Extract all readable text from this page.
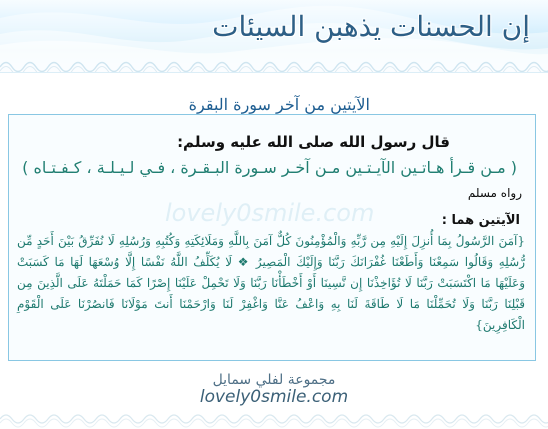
إن الحسنات يذهبن السيئات
الآيتين من آخر سورة البقرة
lovely0smile.com
قال رسول الله صلى الله عليه وسلم:
( مـن قـرأ هـاتـين الآيـتـين مـن آخـر سـورة البـقـرة ، فـي لـيـلـة ، كـفـتـاه )
رواه مسلم
الآيتين هما :
{آمَنَ الرَّسُولُ بِمَا أُنزِلَ إِلَيْهِ مِن رَّبِّهِ وَالْمُؤْمِنُونَ كُلٌّ آمَنَ بِاللَّهِ وَمَلَائِكَتِهِ وَكُتُبِهِ وَرُسُلِهِ لَا نُفَرِّقُ بَيْنَ أَحَدٍ مِّن رُّسُلِهِ وَقَالُوا سَمِعْنَا وَأَطَعْنَا غُفْرَانَكَ رَبَّنَا وَإِلَيْكَ الْمَصِيرُ ❖ لَا يُكَلِّفُ اللَّهُ نَفْسًا إِلَّا وُسْعَهَا لَهَا مَا كَسَبَتْ وَعَلَيْهَا مَا اكْتَسَبَتْ رَبَّنَا لَا تُؤَاخِذْنَا إِن نَّسِينَا أَوْ أَخْطَأْنَا رَبَّنَا وَلَا تَحْمِلْ عَلَيْنَا إِصْرًا كَمَا حَمَلْتَهُ عَلَى الَّذِينَ مِن قَبْلِنَا رَبَّنَا وَلَا تُحَمِّلْنَا مَا لَا طَاقَةَ لَنَا بِهِ وَاعْفُ عَنَّا وَاغْفِرْ لَنَا وَارْحَمْنَا أَنتَ مَوْلَانَا فَانصُرْنَا عَلَى الْقَوْمِ الْكَافِرِينَ}
مجموعة لفلي سمايل
lovely0smile.com
